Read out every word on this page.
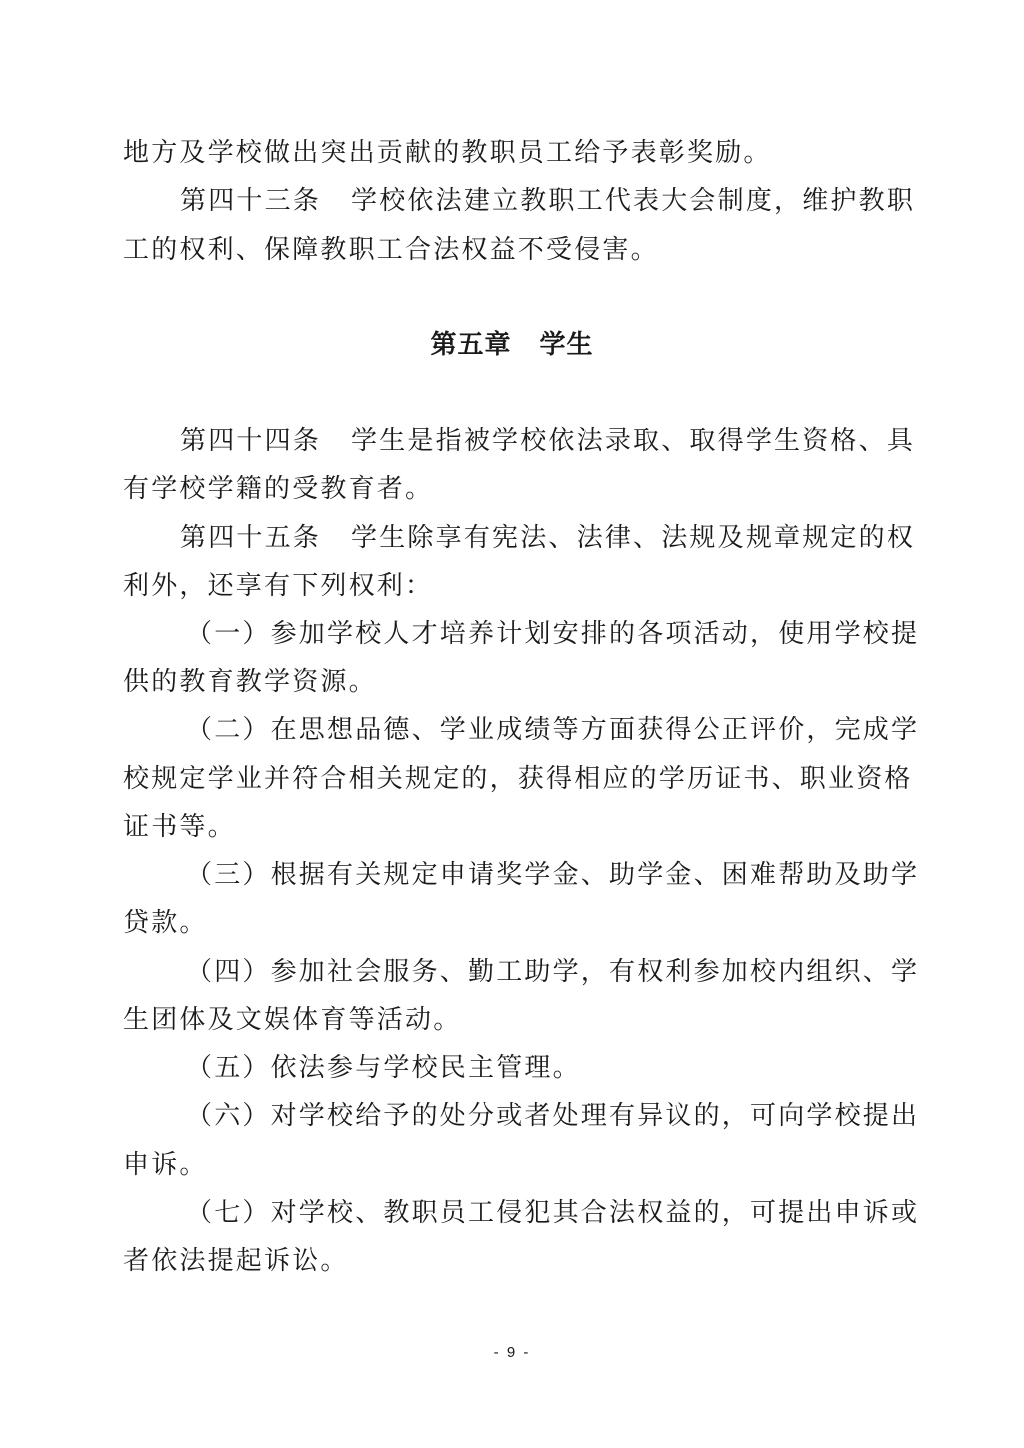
地方及学校做出突出贡献的教职员工给予表彰奖励。
第四十三条 学校依法建立教职工代表大会制度，维护教职
工的权利、保障教职工合法权益不受侵害。
第五章 学生
第四十四条 学生是指被学校依法录取、取得学生资格、具
有学校学籍的受教育者。
第四十五条 学生除享有宪法、法律、法规及规章规定的权
利外，还享有下列权利：
（一）参加学校人才培养计划安排的各项活动，使用学校提
供的教育教学资源。
（二）在思想品德、学业成绩等方面获得公正评价，完成学
校规定学业并符合相关规定的，获得相应的学历证书、职业资格
证书等。
（三）根据有关规定申请奖学金、助学金、困难帮助及助学
贷款。
（四）参加社会服务、勤工助学，有权利参加校内组织、学
生团体及文娱体育等活动。
（五）依法参与学校民主管理。
（六）对学校给予的处分或者处理有异议的，可向学校提出
申诉。
（七）对学校、教职员工侵犯其合法权益的，可提出申诉或
者依法提起诉讼。
- 9 -
